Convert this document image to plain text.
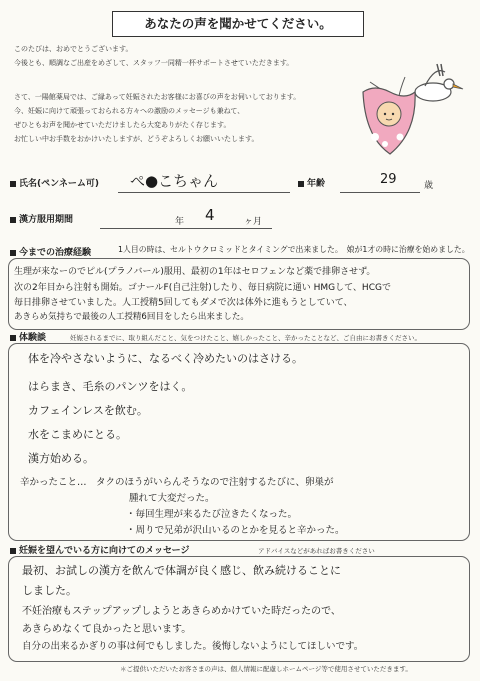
あなたの声を聞かせてください。
このたびは、おめでとうございます。
今後とも、順調なご出産をめざして、スタッフ一同精一杯サポートさせていただきます。
さて、一陽館薬局では、ご縁あって妊娠されたお客様にお喜びの声をお伺いしております。
今、妊娠に向けて頑張っておられる方々への激励のメッセージも兼ねて、
ぜひともお声を聞かせていただけましたら大変ありがたく存じます。
お忙しい中お手数をおかけいたしますが、どうぞよろしくお願いいたします。
氏名(ペンネーム可) ぺ●こちゃん	年齢	29	歳
漢方服用期間	年 4	ヶ月
今までの治療経験	1人目の時は、セルトウクロミッドとタイミングで出来ました。　娘が1才の時に治療を始めました。
生理が来なーのでピル(プラノバール)服用、最初の1年はセロフェンなど薬で排卵させず。
次の2年目から注射も開始。ゴナールF(自己注射)したり、毎日病院に通い HMGして、HCGで
毎日排卵させていました。人工授精5回してもダメで次は体外に進もうとしていて、
あきらめ気持ちで最後の人工授精6回目をしたら出来ました。
体験談	妊娠されるまでに、取り組んだこと、気をつけたこと、嬉しかったこと、辛かったことなど、ご自由にお書きください。
体を冷やさないように、なるべく冷めたいのはさける。
はらまき、毛糸のパンツをはく。
カフェインレスを飲む。
水をこまめにとる。
漢方始める。
辛かったこと…　タクのほうがいらんそうなので注射するたびに、卵巣が
　　腫れて大変だった。
・毎回生理が来るたび泣きたくなった。
・周りで兄弟が沢山いるのとかを見ると辛かった。
妊娠を望んでいる方に向けてのメッセージ	アドバイスなどがあればお書きください
最初、お試しの漢方を飲んで体調が良く感じ、飲み続けることに
しました。
不妊治療もステップアップしようとあきらめかけていた時だったので、
あきらめなくて良かったと思います。
自分の出来るかぎりの事は何でもしました。後悔しないようにしてほしいです。
＊ご提供いただいたお客さまの声は、個人情報に配慮しホームページ等で使用させていただきます。
